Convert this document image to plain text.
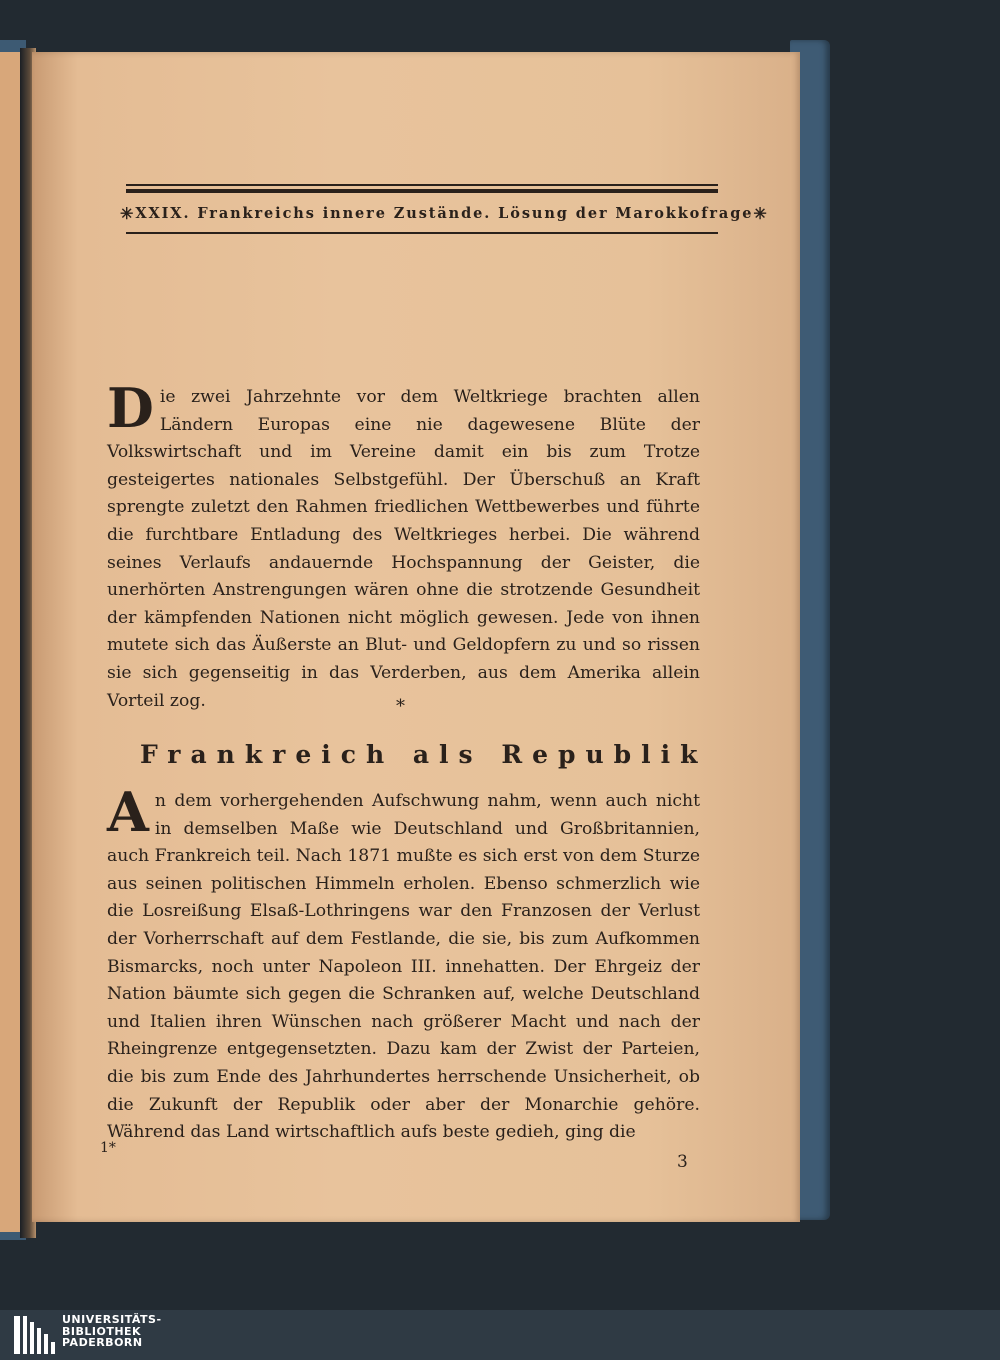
✳ XXIX. Frankreichs innere Zustände. Lösung der Marokkofrage ✳
Die zwei Jahrzehnte vor dem Weltkriege brachten allen Ländern Europas eine nie dagewesene Blüte der Volkswirtschaft und im Vereine damit ein bis zum Trotze gesteigertes nationales Selbstgefühl. Der Überschuß an Kraft sprengte zuletzt den Rahmen friedlichen Wettbewerbes und führte die furchtbare Entladung des Weltkrieges herbei. Die während seines Verlaufs andauernde Hochspannung der Geister, die unerhörten Anstrengungen wären ohne die strotzende Gesundheit der kämpfenden Nationen nicht möglich gewesen. Jede von ihnen mutete sich das Äußerste an Blut- und Geldopfern zu und so rissen sie sich gegenseitig in das Verderben, aus dem Amerika allein Vorteil zog.	*
Frankreich als Republik
An dem vorhergehenden Aufschwung nahm, wenn auch nicht in demselben Maße wie Deutschland und Großbritannien, auch Frankreich teil. Nach 1871 mußte es sich erst von dem Sturze aus seinen politischen Himmeln erholen. Ebenso schmerzlich wie die Losreißung Elsaß-Lothringens war den Franzosen der Verlust der Vorherrschaft auf dem Festlande, die sie, bis zum Aufkommen Bismarcks, noch unter Napoleon III. innehatten. Der Ehrgeiz der Nation bäumte sich gegen die Schranken auf, welche Deutschland und Italien ihren Wünschen nach größerer Macht und nach der Rheingrenze entgegensetzten. Dazu kam der Zwist der Parteien, die bis zum Ende des Jahrhundertes herrschende Unsicherheit, ob die Zukunft der Republik oder aber der Monarchie gehöre. Während das Land wirtschaftlich aufs beste gedieh, ging die
1*
3
UNIVERSITÄTS-
BIBLIOTHEK
PADERBORN
